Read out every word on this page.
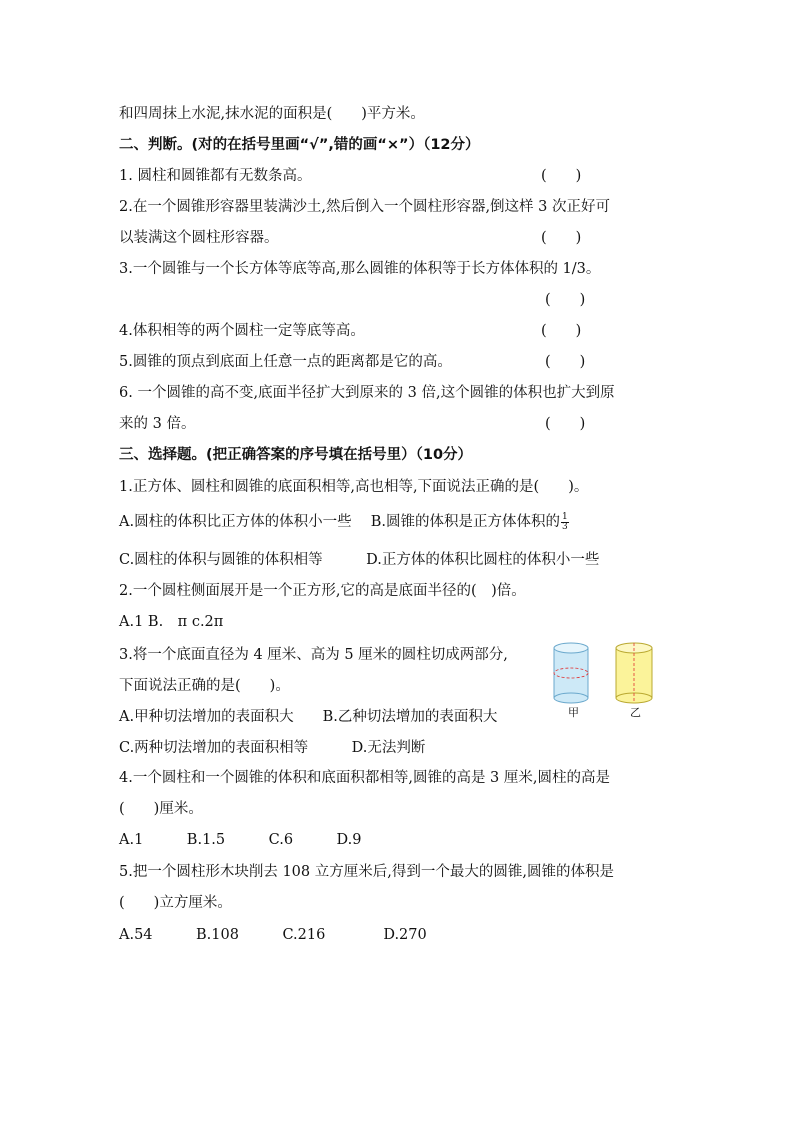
和四周抹上水泥,抹水泥的面积是(　　)平方米。
二、判断。(对的在括号里画“√”,错的画“×”）（12分）
1. 圆柱和圆锥都有无数条高。	(　　)
2.在一个圆锥形容器里装满沙土,然后倒入一个圆柱形容器,倒这样 3 次正好可
以装满这个圆柱形容器。	(　　)
3.一个圆锥与一个长方体等底等高,那么圆锥的体积等于长方体体积的 1/3。
(　　)
4.体积相等的两个圆柱一定等底等高。	(　　)
5.圆锥的顶点到底面上任意一点的距离都是它的高。	(　　)
6. 一个圆锥的高不变,底面半径扩大到原来的 3 倍,这个圆锥的体积也扩大到原
来的 3 倍。	(　　)
三、选择题。(把正确答案的序号填在括号里）（10分）
1.正方体、圆柱和圆锥的底面积相等,高也相等,下面说法正确的是(　　)。
A.圆柱的体积比正方体的体积小一些　 B.圆锥的体积是正方体体积的 $\frac{1}{3}$
C.圆柱的体积与圆锥的体积相等　　　D.正方体的体积比圆柱的体积小一些
2.一个圆柱侧面展开是一个正方形,它的高是底面半径的(　)倍。
A.1 B.　π c.2π
3.将一个底面直径为 4 厘米、高为 5 厘米的圆柱切成两部分,
下面说法正确的是(　　)。
A.甲种切法增加的表面积大　　B.乙种切法增加的表面积大
C.两种切法增加的表面积相等　　　D.无法判断
甲	乙
4.一个圆柱和一个圆锥的体积和底面积都相等,圆锥的高是 3 厘米,圆柱的高是
(　　)厘米。
A.1　　　B.1.5　　　C.6　　　D.9
5.把一个圆柱形木块削去 108 立方厘米后,得到一个最大的圆锥,圆锥的体积是
(　　)立方厘米。
A.54　　　B.108　　　C.216　　　　D.270
